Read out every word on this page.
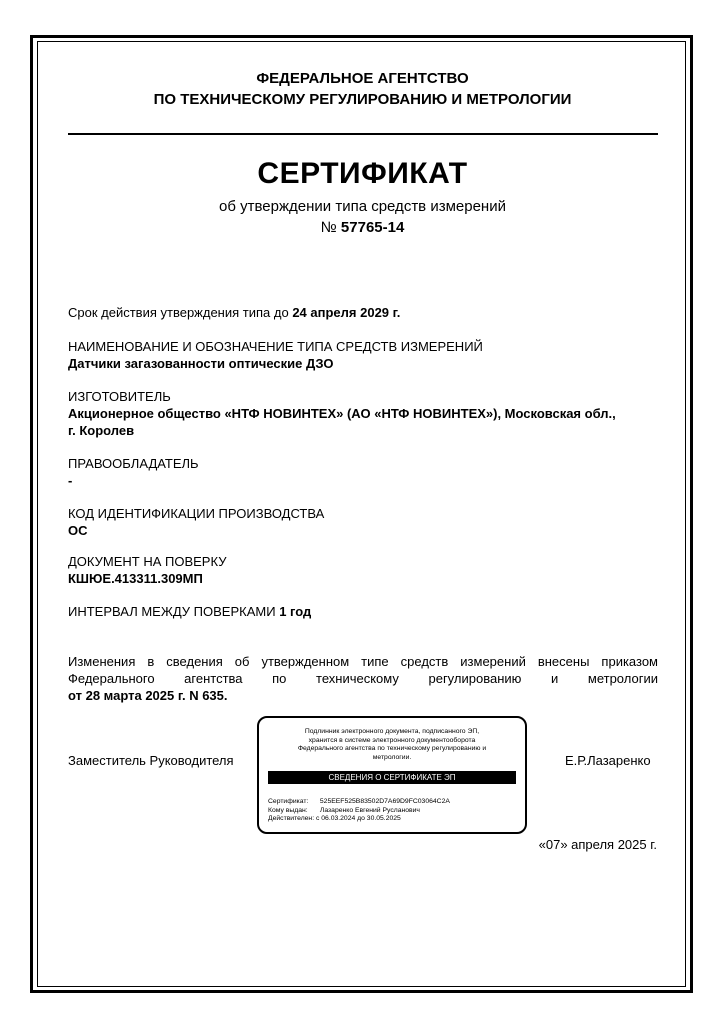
ФЕДЕРАЛЬНОЕ АГЕНТСТВО
ПО ТЕХНИЧЕСКОМУ РЕГУЛИРОВАНИЮ И МЕТРОЛОГИИ
СЕРТИФИКАТ
об утверждении типа средств измерений
№ 57765-14
Срок действия утверждения типа до 24 апреля 2029 г.
НАИМЕНОВАНИЕ И ОБОЗНАЧЕНИЕ ТИПА СРЕДСТВ ИЗМЕРЕНИЙ
Датчики загазованности оптические ДЗО
ИЗГОТОВИТЕЛЬ
Акционерное общество «НТФ НОВИНТЕХ» (АО «НТФ НОВИНТЕХ»), Московская обл.,
г. Королев
ПРАВООБЛАДАТЕЛЬ
-
КОД ИДЕНТИФИКАЦИИ ПРОИЗВОДСТВА
ОС
ДОКУМЕНТ НА ПОВЕРКУ
КШЮЕ.413311.309МП
ИНТЕРВАЛ МЕЖДУ ПОВЕРКАМИ 1 год
Изменения в сведения об утвержденном типе средств измерений внесены приказом
Федерального агентства по техническому регулированию и метрологии
от 28 марта 2025 г. N 635.
Заместитель Руководителя	Е.Р.Лазаренко
Подлинник электронного документа, подписанного ЭП,
хранится в системе электронного документооборота
Федерального агентства по техническому регулированию и
метрологии.
СВЕДЕНИЯ О СЕРТИФИКАТЕ ЭП
Сертификат: 525EEF525B83502D7A69D9FC03064C2A
Кому выдан: Лазаренко Евгений Русланович
Действителен: с 06.03.2024 до 30.05.2025
«07» апреля 2025 г.
